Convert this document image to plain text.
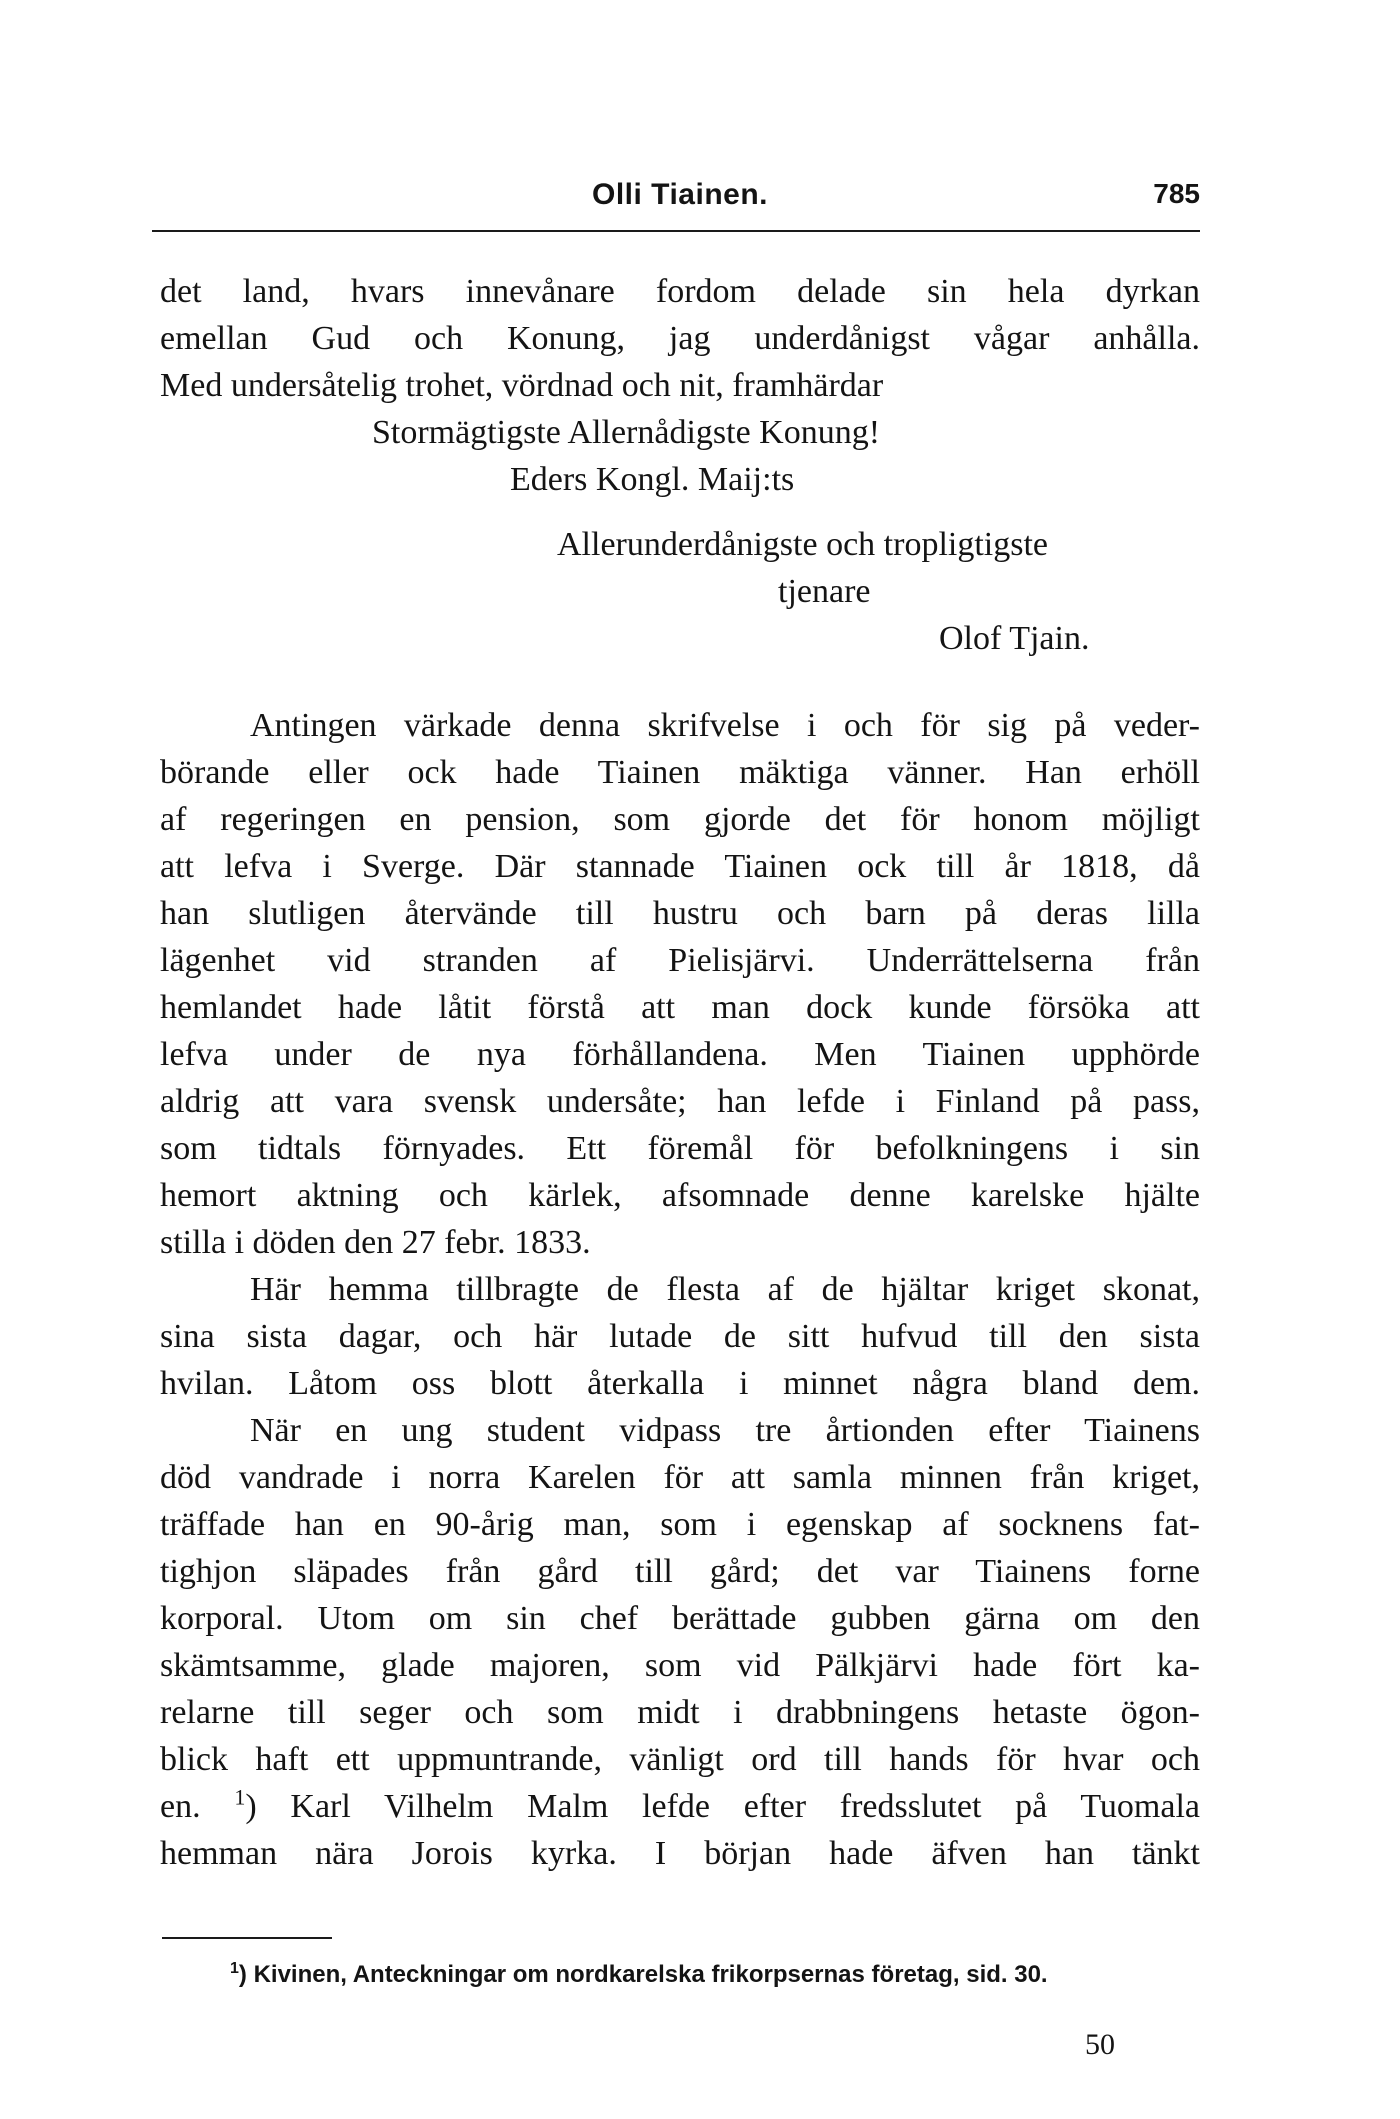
Olli Tiainen.	785
det land, hvars innevånare fordom delade sin hela dyrkan
emellan Gud och Konung, jag underdånigst vågar anhålla.
Med undersåtelig trohet, vördnad och nit, framhärdar
Stormägtigste Allernådigste Konung!
Eders Kongl. Maij:ts
Allerunderdånigste och tropligtigste
tjenare
Olof Tjain.
Antingen värkade denna skrifvelse i och för sig på veder-
börande eller ock hade Tiainen mäktiga vänner. Han erhöll
af regeringen en pension, som gjorde det för honom möjligt
att lefva i Sverge. Där stannade Tiainen ock till år 1818, då
han slutligen återvände till hustru och barn på deras lilla
lägenhet vid stranden af Pielisjärvi. Underrättelserna från
hemlandet hade låtit förstå att man dock kunde försöka att
lefva under de nya förhållandena. Men Tiainen upphörde
aldrig att vara svensk undersåte; han lefde i Finland på pass,
som tidtals förnyades. Ett föremål för befolkningens i sin
hemort aktning och kärlek, afsomnade denne karelske hjälte
stilla i döden den 27 febr. 1833.
Här hemma tillbragte de flesta af de hjältar kriget skonat,
sina sista dagar, och här lutade de sitt hufvud till den sista
hvilan. Låtom oss blott återkalla i minnet några bland dem.
När en ung student vidpass tre årtionden efter Tiainens
död vandrade i norra Karelen för att samla minnen från kriget,
träffade han en 90-årig man, som i egenskap af socknens fat-
tighjon släpades från gård till gård; det var Tiainens forne
korporal. Utom om sin chef berättade gubben gärna om den
skämtsamme, glade majoren, som vid Pälkjärvi hade fört ka-
relarne till seger och som midt i drabbningens hetaste ögon-
blick haft ett uppmuntrande, vänligt ord till hands för hvar och
en. $^1$) Karl Vilhelm Malm lefde efter fredsslutet på Tuomala
hemman nära Jorois kyrka. I början hade äfven han tänkt
$^1$) Kivinen, Anteckningar om nordkarelska frikorpsernas företag, sid. 30.
50
